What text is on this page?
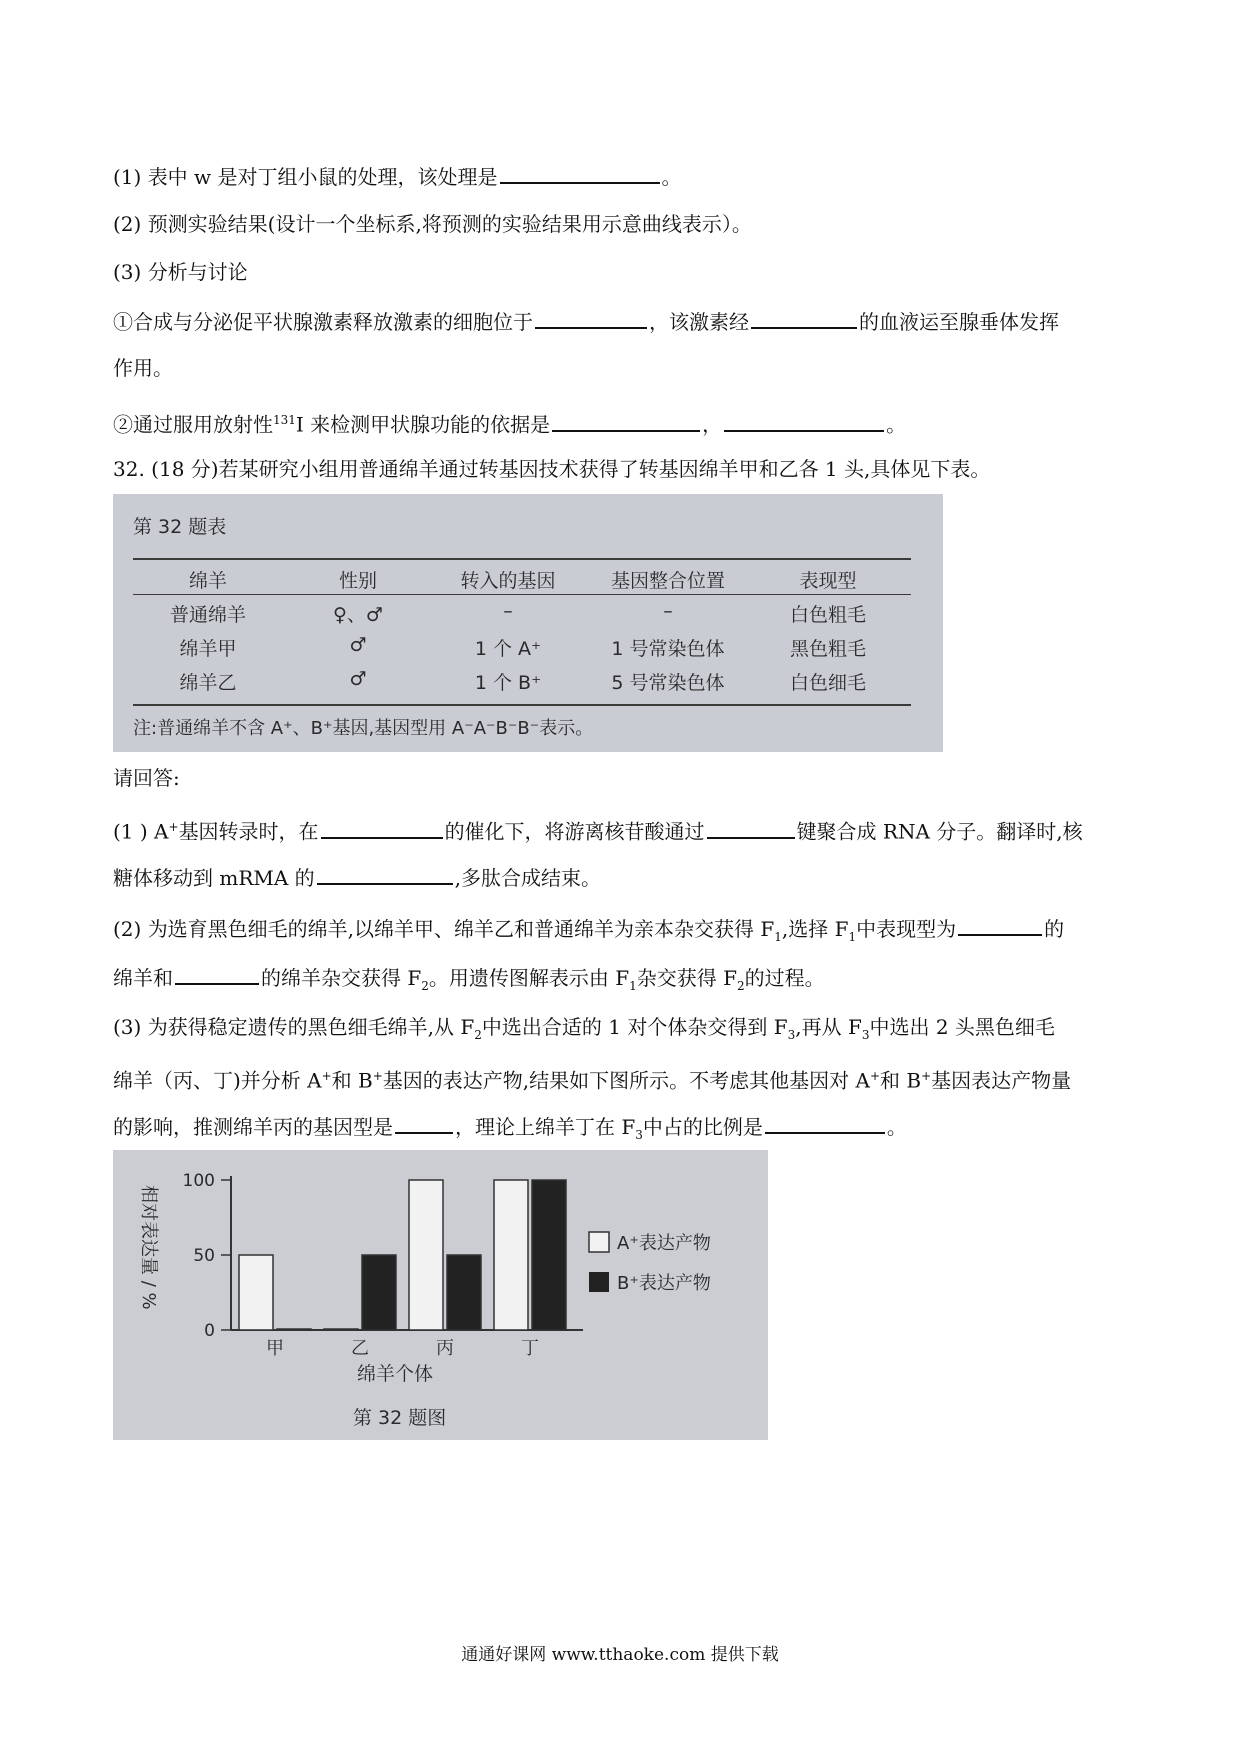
(1) 表中 w 是对丁组小鼠的处理，该处理是	。
(2) 预测实验结果(设计一个坐标系,将预测的实验结果用示意曲线表示）。
(3) 分析与讨论
①合成与分泌促平状腺激素释放激素的细胞位于	，该激素经	的血液运至腺垂体发挥
作用。
②通过服用放射性$^{131}$I 来检测甲状腺功能的依据是	，	。
32. (18 分)若某研究小组用普通绵羊通过转基因技术获得了转基因绵羊甲和乙各 1 头,具体见下表。
第 32 题表
绵羊	性别	转入的基因	基因整合位置	表现型
普通绵羊	♀、♂	–	–	白色粗毛
绵羊甲	♂	1 个 A⁺	1 号常染色体	黑色粗毛
绵羊乙	♂	1 个 B⁺	5 号常染色体	白色细毛
注:普通绵羊不含 A⁺、B⁺基因,基因型用 A⁻A⁻B⁻B⁻表示。
请回答:
(1 ) A+基因转录时，在	的催化下，将游离核苷酸通过	键聚合成 RNA 分子。翻译时,核
糖体移动到 mRMA 的	,多肽合成结束。
(2) 为选育黑色细毛的绵羊,以绵羊甲、绵羊乙和普通绵羊为亲本杂交获得 $F_1$,选择 $F_1$中表现型为	的
绵羊和	的绵羊杂交获得 $F_2$。用遗传图解表示由 $F_1$杂交获得 $F_2$的过程。
(3) 为获得稳定遗传的黑色细毛绵羊,从 $F_2$中选出合适的 1 对个体杂交得到 $F_3$,再从 $F_3$中选出 2 头黑色细毛
绵羊（丙、丁)并分析 A+和 B+基因的表达产物,结果如下图所示。不考虑其他基因对 A+和 B+基因表达产物量
的影响，推测绵羊丙的基因型是	，理论上绵羊丁在 $F_3$中占的比例是	。
相对表达量 / %
绵羊个体
第 32 题图
A⁺表达产物
B⁺表达产物
0
50
100
甲	乙	丙	丁
通通好课网 www.tthaoke.com 提供下载
